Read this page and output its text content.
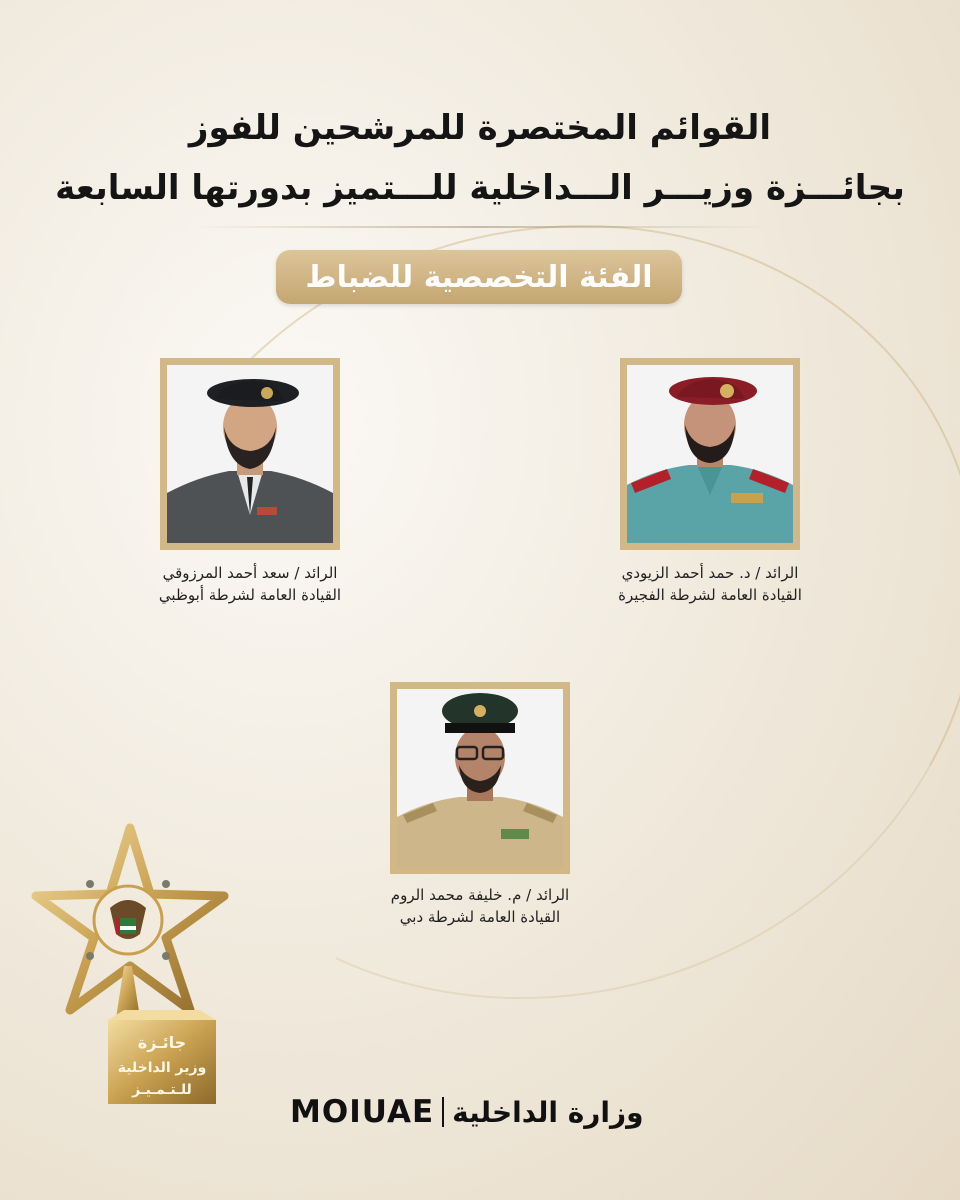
القوائم المختصرة للمرشحين للفوز
بجائـــزة وزيـــر الـــداخلية للـــتميز بدورتها السابعة
الفئة التخصصية للضباط
الرائد / سعد أحمد المرزوقي
القيادة العامة لشرطة أبوظبي
الرائد / د. حمد أحمد الزيودي
القيادة العامة لشرطة الفجيرة
الرائد / م. خليفة محمد الروم
القيادة العامة لشرطة دبي
جائـزة
وزير الداخلية
للـتـمـيـز
MOIUAE وزارة الداخلية
